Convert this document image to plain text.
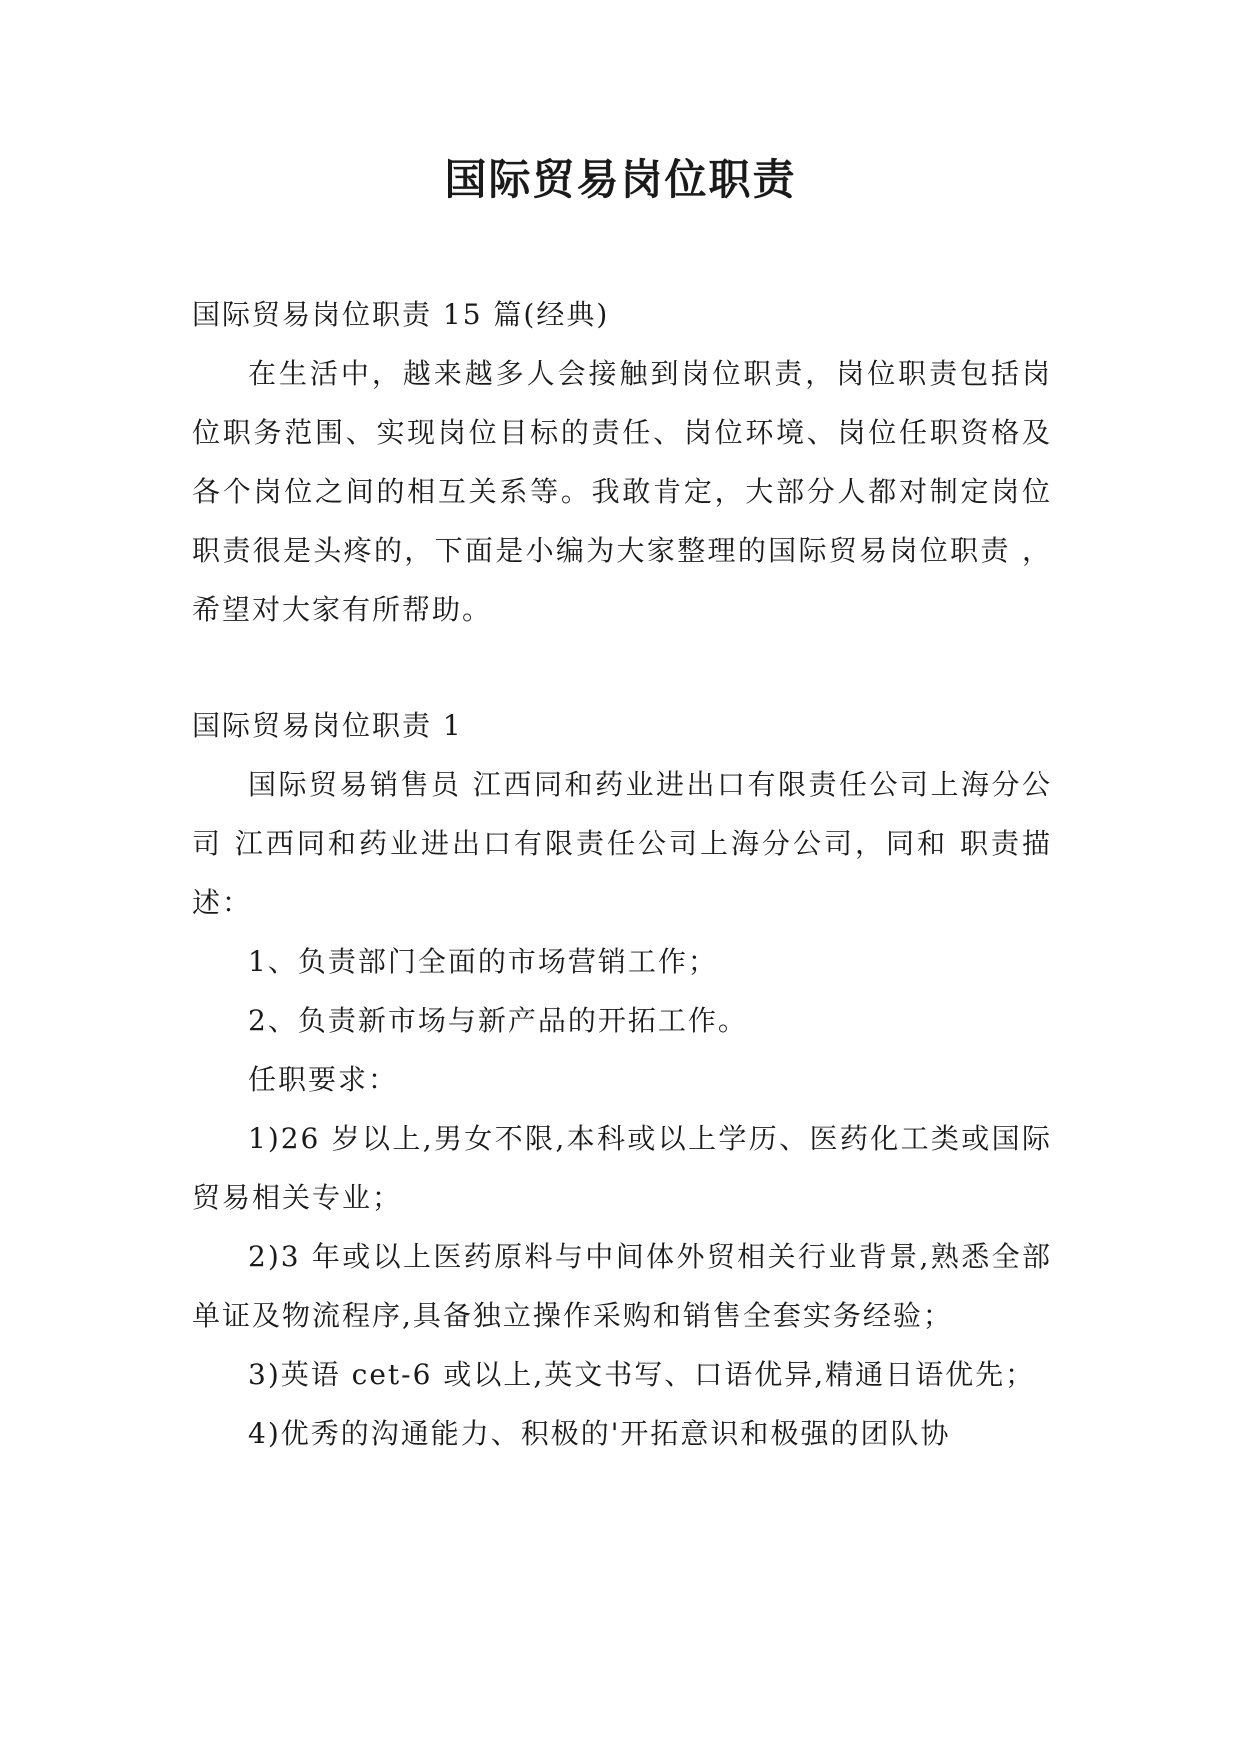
国际贸易岗位职责

国际贸易岗位职责 15 篇(经典)

在生活中，越来越多人会接触到岗位职责，岗位职责包括岗位职务范围、实现岗位目标的责任、岗位环境、岗位任职资格及各个岗位之间的相互关系等。我敢肯定，大部分人都对制定岗位职责很是头疼的，下面是小编为大家整理的国际贸易岗位职责 ，希望对大家有所帮助。

国际贸易岗位职责 1

国际贸易销售员 江西同和药业进出口有限责任公司上海分公司 江西同和药业进出口有限责任公司上海分公司，同和 职责描述：

1、负责部门全面的市场营销工作；

2、负责新市场与新产品的开拓工作。

任职要求：

1)26 岁以上,男女不限,本科或以上学历、医药化工类或国际贸易相关专业；

2)3 年或以上医药原料与中间体外贸相关行业背景,熟悉全部单证及物流程序,具备独立操作采购和销售全套实务经验；

3)英语 cet-6 或以上,英文书写、口语优异,精通日语优先；

4)优秀的沟通能力、积极的'开拓意识和极强的团队协
